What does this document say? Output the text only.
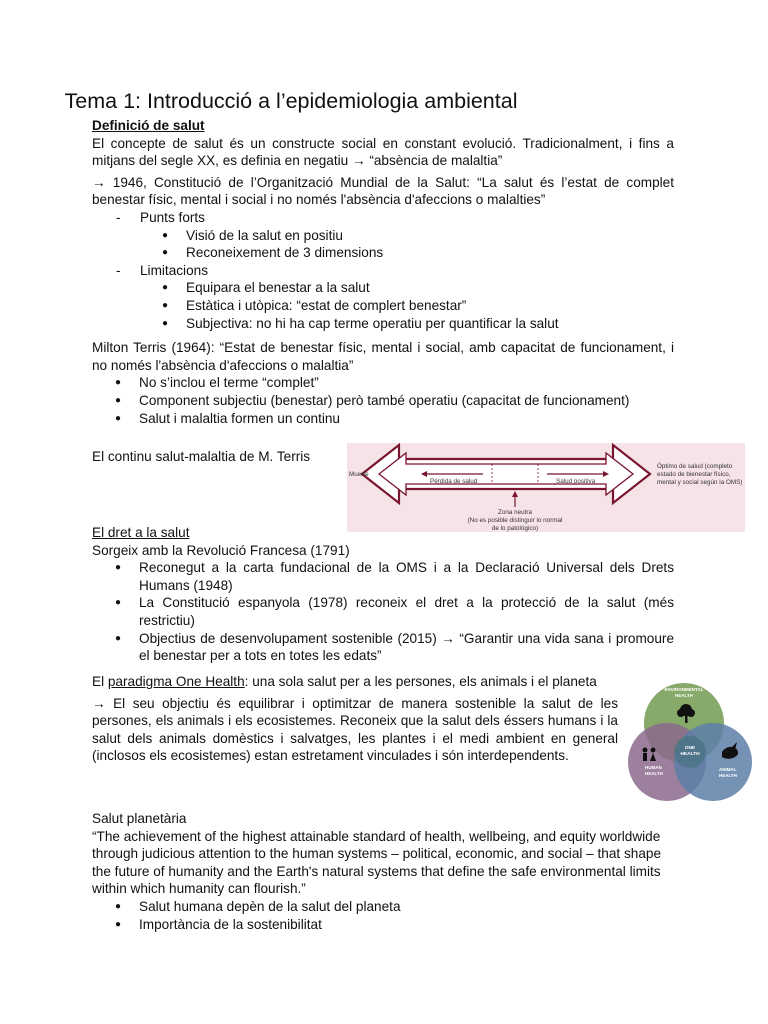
Tema 1: Introducció a l’epidemiologia ambiental

Definició de salut

El concepte de salut és un constructe social en constant evolució. Tradicionalment, i fins a mitjans del segle XX, es definia en negatiu → “absència de malaltia”

→ 1946, Constitució de l’Organització Mundial de la Salut: “La salut és l’estat de complet benestar físic, mental i social i no només l'absència d'afeccions o malalties”

- Punts forts
● Visió de la salut en positiu
● Reconeixement de 3 dimensions
- Limitacions
● Equipara el benestar a la salut
● Estàtica i utòpica: “estat de complert benestar”
● Subjectiva: no hi ha cap terme operatiu per quantificar la salut

Milton Terris (1964): “Estat de benestar físic, mental i social, amb capacitat de funcionament, i no només l'absència d'afeccions o malaltia”

● No s’inclou el terme “complet”
● Component subjectiu (benestar) però també operatiu (capacitat de funcionament)
● Salut i malaltia formen un continu

El continu salut-malaltia de M. Terris

El dret a la salut

Sorgeix amb la Revolució Francesa (1791)

● Reconegut a la carta fundacional de la OMS i a la Declaració Universal dels Drets Humans (1948)
● La Constitució espanyola (1978) reconeix el dret a la protecció de la salut (més restrictiu)
● Objectius de desenvolupament sostenible (2015) → “Garantir una vida sana i promoure el benestar per a tots en totes les edats”

El paradigma One Health: una sola salut per a les persones, els animals i el planeta

→ El seu objectiu és equilibrar i optimitzar de manera sostenible la salut de les persones, els animals i els ecosistemes. Reconeix que la salut dels éssers humans i la salut dels animals domèstics i salvatges, les plantes i el medi ambient en general (inclosos els ecosistemes) estan estretament vinculades i són interdependents.

Salut planetària

“The achievement of the highest attainable standard of health, wellbeing, and equity worldwide through judicious attention to the human systems – political, economic, and social – that shape the future of humanity and the Earth's natural systems that define the safe environmental limits within which humanity can flourish.”

● Salut humana depèn de la salut del planeta
● Importància de la sostenibilitat
Muerte
Pérdida de salud	Salud positiva
Óptimo de salud (completo
estado de bienestar físico,
mental y social según la OMS)
Zona neutra
(No es posible distinguir lo normal
de lo patológico)
ENVIRONMENTAL
HEALTH
ONE
HEALTH
HUMAN
HEALTH
ANIMAL
HEALTH
